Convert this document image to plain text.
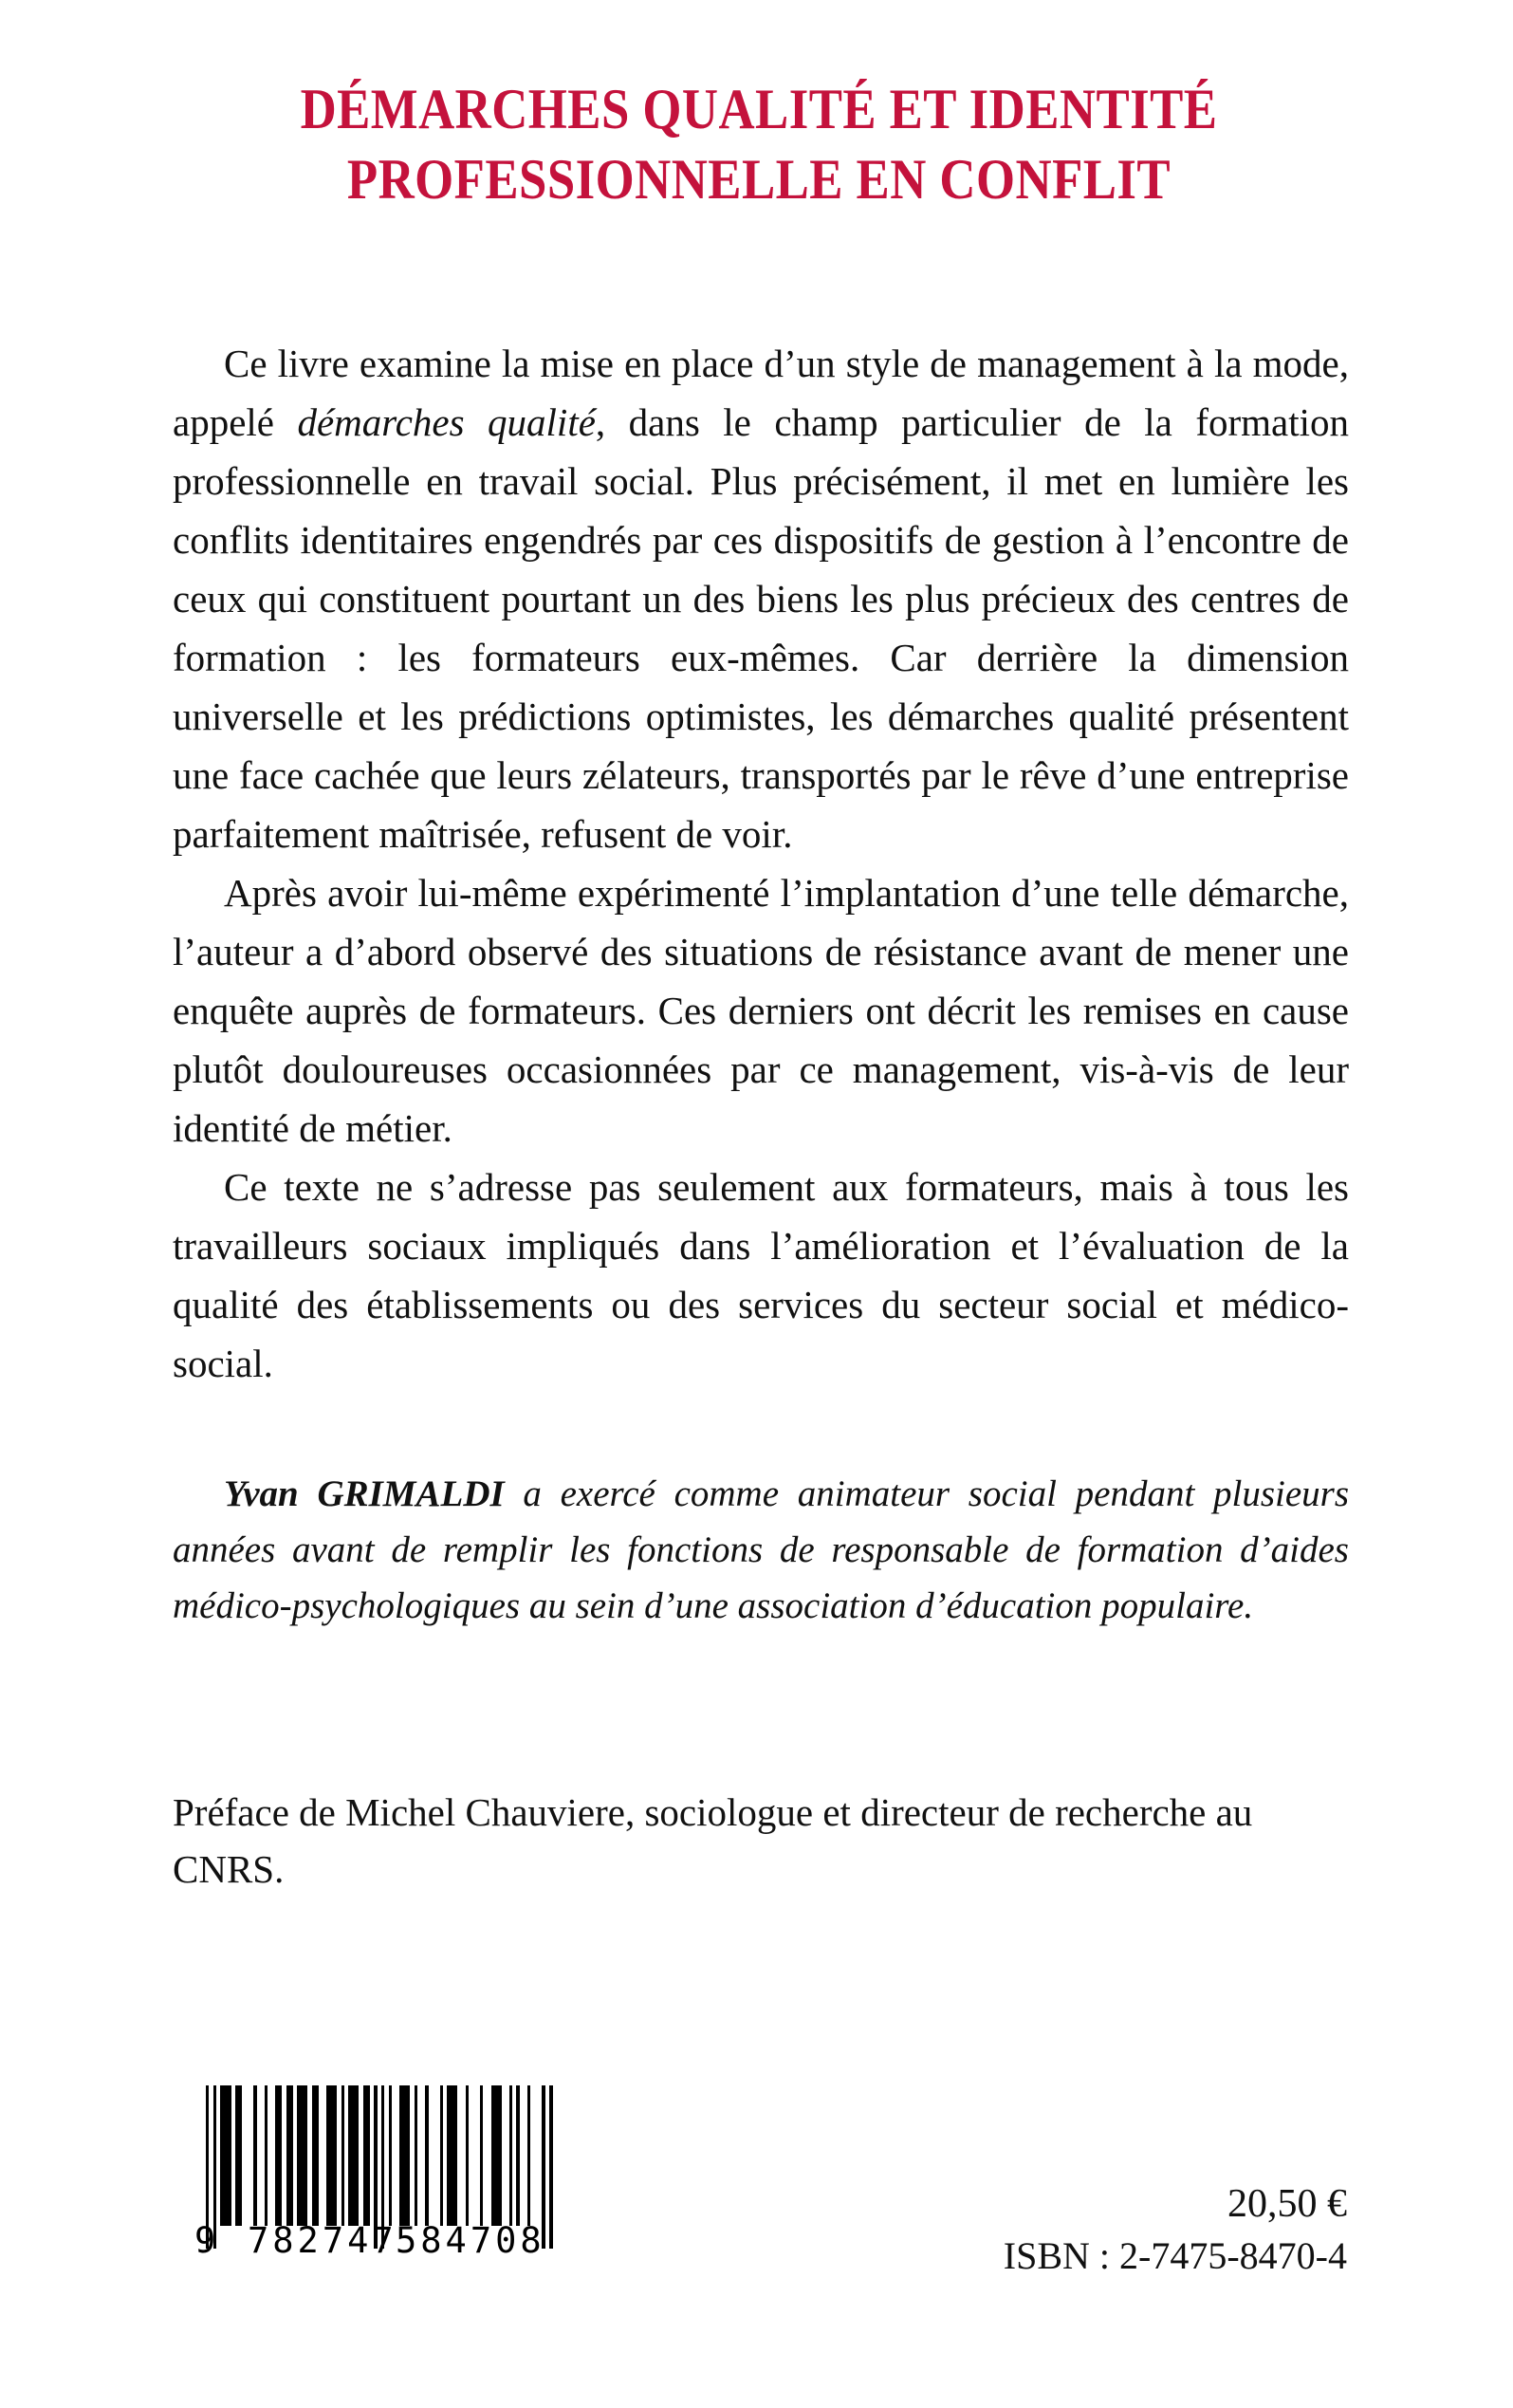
DÉMARCHES QUALITÉ ET IDENTITÉ
PROFESSIONNELLE EN CONFLIT

Ce livre examine la mise en place d’un style de management à la mode, appelé démarches qualité, dans le champ particulier de la formation professionnelle en travail social. Plus précisément, il met en lumière les conflits identitaires engendrés par ces dispositifs de gestion à l’encontre de ceux qui constituent pourtant un des biens les plus précieux des centres de formation : les formateurs eux-mêmes. Car derrière la dimension universelle et les prédictions optimistes, les démarches qualité présentent une face cachée que leurs zélateurs, transportés par le rêve d’une entreprise parfaitement maîtrisée, refusent de voir.

Après avoir lui-même expérimenté l’implantation d’une telle démarche, l’auteur a d’abord observé des situations de résistance avant de mener une enquête auprès de formateurs. Ces derniers ont décrit les remises en cause plutôt douloureuses occasionnées par ce management, vis-à-vis de leur identité de métier.

Ce texte ne s’adresse pas seulement aux formateurs, mais à tous les travailleurs sociaux impliqués dans l’amélioration et l’évaluation de la qualité des établissements ou des services du secteur social et médico-social.

Yvan GRIMALDI a exercé comme animateur social pendant plusieurs années avant de remplir les fonctions de responsable de formation d’aides médico-psychologiques au sein d’une association d’éducation populaire.

Préface de Michel Chauviere, sociologue et directeur de recherche au CNRS.

9 782747
584708

20,50 €

ISBN : 2-7475-8470-4
